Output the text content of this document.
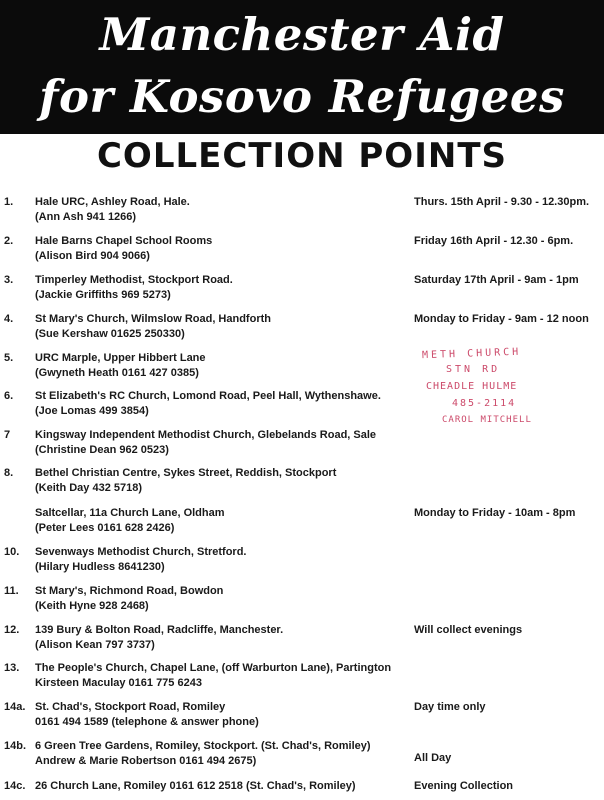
Manchester Aid
for Kosovo Refugees
COLLECTION POINTS
1. Hale URC, Ashley Road, Hale.
(Ann Ash 941 1266)
Thurs. 15th April - 9.30 - 12.30pm.
2. Hale Barns Chapel School Rooms
(Alison Bird 904 9066)
Friday 16th April - 12.30 - 6pm.
3. Timperley Methodist, Stockport Road.
(Jackie Griffiths 969 5273)
Saturday 17th April - 9am - 1pm
4. St Mary's Church, Wilmslow Road, Handforth
(Sue Kershaw 01625 250330)
Monday to Friday - 9am - 12 noon
5. URC Marple, Upper Hibbert Lane
(Gwyneth Heath 0161 427 0385)
6. St Elizabeth's RC Church, Lomond Road, Peel Hall, Wythenshawe.
(Joe Lomas 499 3854)
7 Kingsway Independent Methodist Church, Glebelands Road, Sale
(Christine Dean 962 0523)
8. Bethel Christian Centre, Sykes Street, Reddish, Stockport
(Keith Day 432 5718)
Saltcellar, 11a Church Lane, Oldham
(Peter Lees 0161 628 2426)
Monday to Friday - 10am - 8pm
10. Sevenways Methodist Church, Stretford.
(Hilary Hudless 8641230)
11. St Mary's, Richmond Road, Bowdon
(Keith Hyne 928 2468)
12. 139 Bury & Bolton Road, Radcliffe, Manchester.
(Alison Kean 797 3737)
Will collect evenings
13. The People's Church, Chapel Lane, (off Warburton Lane), Partington
Kirsteen Maculay 0161 775 6243
14a. St. Chad's, Stockport Road, Romiley
0161 494 1589 (telephone & answer phone)
Day time only
14b. 6 Green Tree Gardens, Romiley, Stockport. (St. Chad's, Romiley)
Andrew & Marie Robertson 0161 494 2675)	All Day
14c. 26 Church Lane, Romiley 0161 612 2518 (St. Chad's, Romiley)	Evening Collection
METH CHURCH
STN RD
CHEADLE HULME
485-2114
CAROL MITCHELL
